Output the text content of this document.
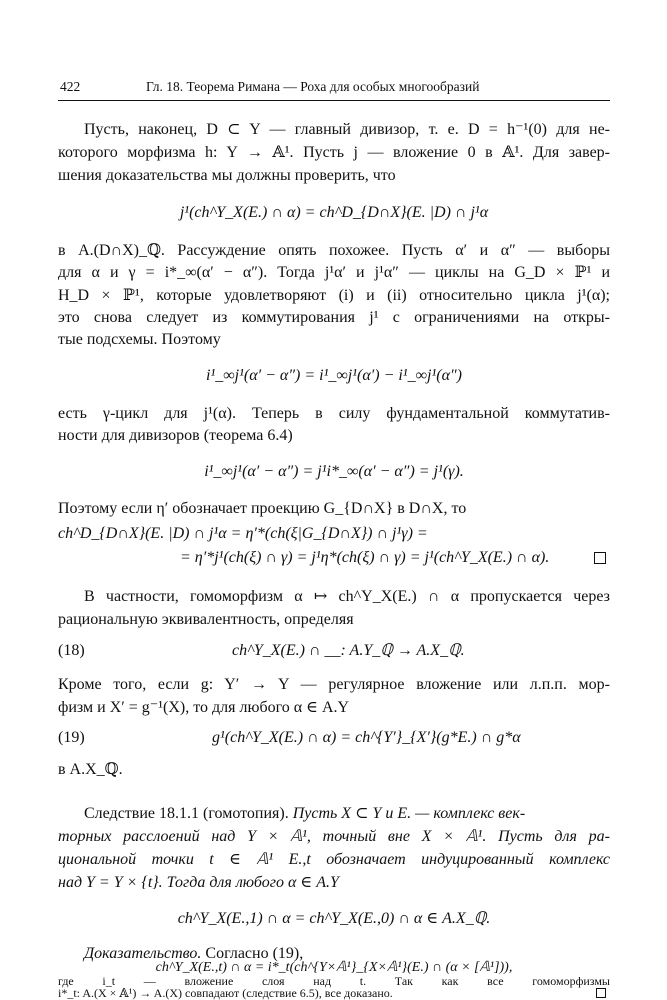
422	Гл. 18. Теорема Римана — Роха для особых многообразий
Пусть, наконец, D ⊂ Y — главный дивизор, т. е. D = h⁻¹(0) для не-
которого морфизма h: Y → 𝔸¹. Пусть j — вложение 0 в 𝔸¹. Для завер-
шения доказательства мы должны проверить, что
j¹(ch^Y_X(E.) ∩ α) = ch^D_{D∩X}(E. |D) ∩ j¹α
в A.(D∩X)_ℚ. Рассуждение опять похожее. Пусть α′ и α″ — выборы
для α и γ = i*_∞(α′ − α″). Тогда j¹α′ и j¹α″ — циклы на G_D × ℙ¹ и
H_D × ℙ¹, которые удовлетворяют (i) и (ii) относительно цикла j¹(α);
это снова следует из коммутирования j¹ с ограничениями на откры-
тые подсхемы. Поэтому
i¹_∞j¹(α′ − α″) = i¹_∞j¹(α′) − i¹_∞j¹(α″)
есть γ-цикл для j¹(α). Теперь в силу фундаментальной коммутатив-
ности для дивизоров (теорема 6.4)
i¹_∞j¹(α′ − α″) = j¹i*_∞(α′ − α″) = j¹(γ).
Поэтому если η′ обозначает проекцию G_{D∩X} в D∩X, то
ch^D_{D∩X}(E. |D) ∩ j¹α = η′*(ch(ξ|G_{D∩X}) ∩ j¹γ) =
= η′*j¹(ch(ξ) ∩ γ) = j¹η*(ch(ξ) ∩ γ) = j¹(ch^Y_X(E.) ∩ α).
В частности, гомоморфизм α ↦ ch^Y_X(E.) ∩ α пропускается через
рациональную эквивалентность, определяя
(18)	ch^Y_X(E.) ∩ __: A.Y_ℚ → A.X_ℚ.
Кроме того, если g: Y′ → Y — регулярное вложение или л.п.п. мор-
физм и X′ = g⁻¹(X), то для любого α ∈ A.Y
(19)	g¹(ch^Y_X(E.) ∩ α) = ch^{Y′}_{X′}(g*E.) ∩ g*α
в A.X_ℚ.
Следствие 18.1.1 (гомотопия). Пусть X ⊂ Y и E. — комплекс век-
торных расслоений над Y × 𝔸¹, точный вне X × 𝔸¹. Пусть для ра-
циональной точки t ∈ 𝔸¹ E.,t обозначает индуцированный комплекс
над Y = Y × {t}. Тогда для любого α ∈ A.Y
ch^Y_X(E.,1) ∩ α = ch^Y_X(E.,0) ∩ α ∈ A.X_ℚ.
Доказательство. Согласно (19),
ch^Y_X(E.,t) ∩ α = i*_t(ch^{Y×𝔸¹}_{X×𝔸¹}(E.) ∩ (α × [𝔸¹])),
где i_t — вложение слоя над t. Так как все гомоморфизмы
i*_t: A.(X × 𝔸¹) → A.(X) совпадают (следствие 6.5), все доказано.
